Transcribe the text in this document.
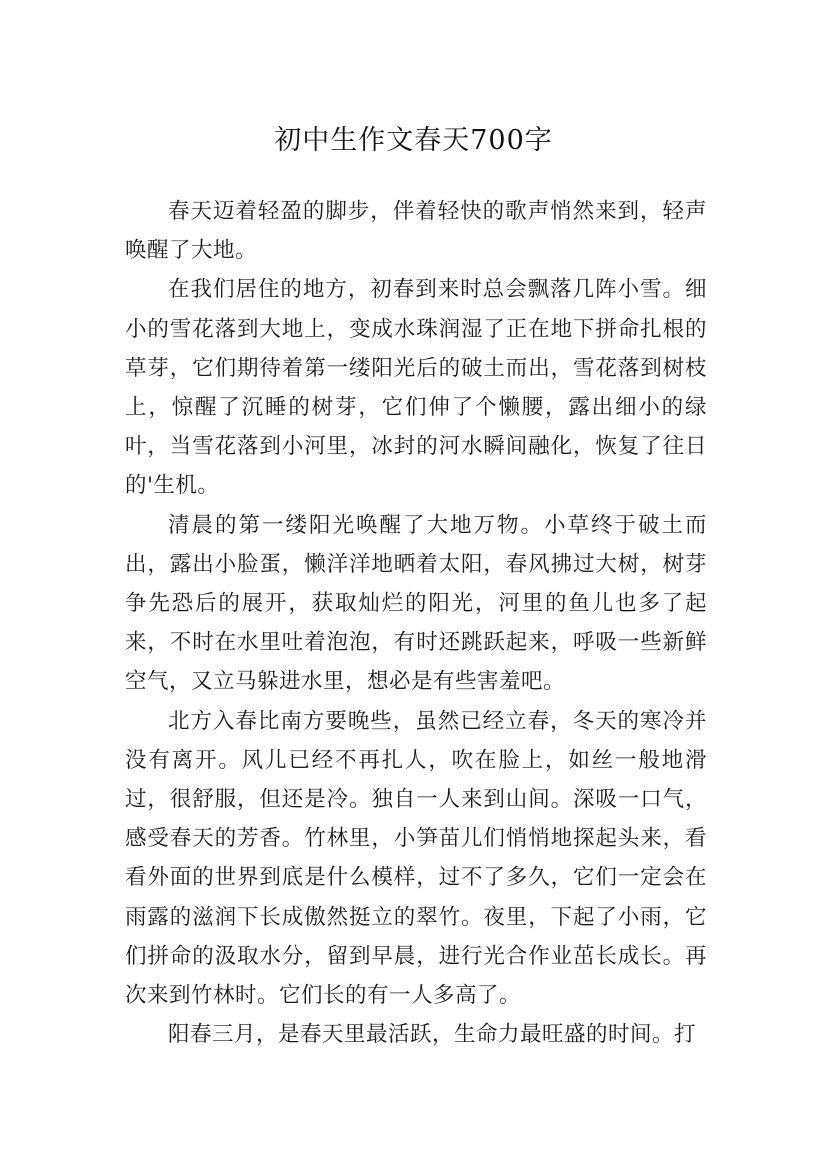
初中生作文春天700字

春天迈着轻盈的脚步，伴着轻快的歌声悄然来到，轻声唤醒了大地。

在我们居住的地方，初春到来时总会飘落几阵小雪。细小的雪花落到大地上，变成水珠润湿了正在地下拼命扎根的草芽，它们期待着第一缕阳光后的破土而出，雪花落到树枝上，惊醒了沉睡的树芽，它们伸了个懒腰，露出细小的绿叶，当雪花落到小河里，冰封的河水瞬间融化，恢复了往日的'生机。

清晨的第一缕阳光唤醒了大地万物。小草终于破土而出，露出小脸蛋，懒洋洋地晒着太阳，春风拂过大树，树芽争先恐后的展开，获取灿烂的阳光，河里的鱼儿也多了起来，不时在水里吐着泡泡，有时还跳跃起来，呼吸一些新鲜空气，又立马躲进水里，想必是有些害羞吧。

北方入春比南方要晚些，虽然已经立春，冬天的寒冷并没有离开。风儿已经不再扎人，吹在脸上，如丝一般地滑过，很舒服，但还是冷。独自一人来到山间。深吸一口气，感受春天的芳香。竹林里，小笋苗儿们悄悄地探起头来，看看外面的世界到底是什么模样，过不了多久，它们一定会在雨露的滋润下长成傲然挺立的翠竹。夜里，下起了小雨，它们拼命的汲取水分，留到早晨，进行光合作业茁长成长。再次来到竹林时。它们长的有一人多高了。

阳春三月，是春天里最活跃，生命力最旺盛的时间。打
